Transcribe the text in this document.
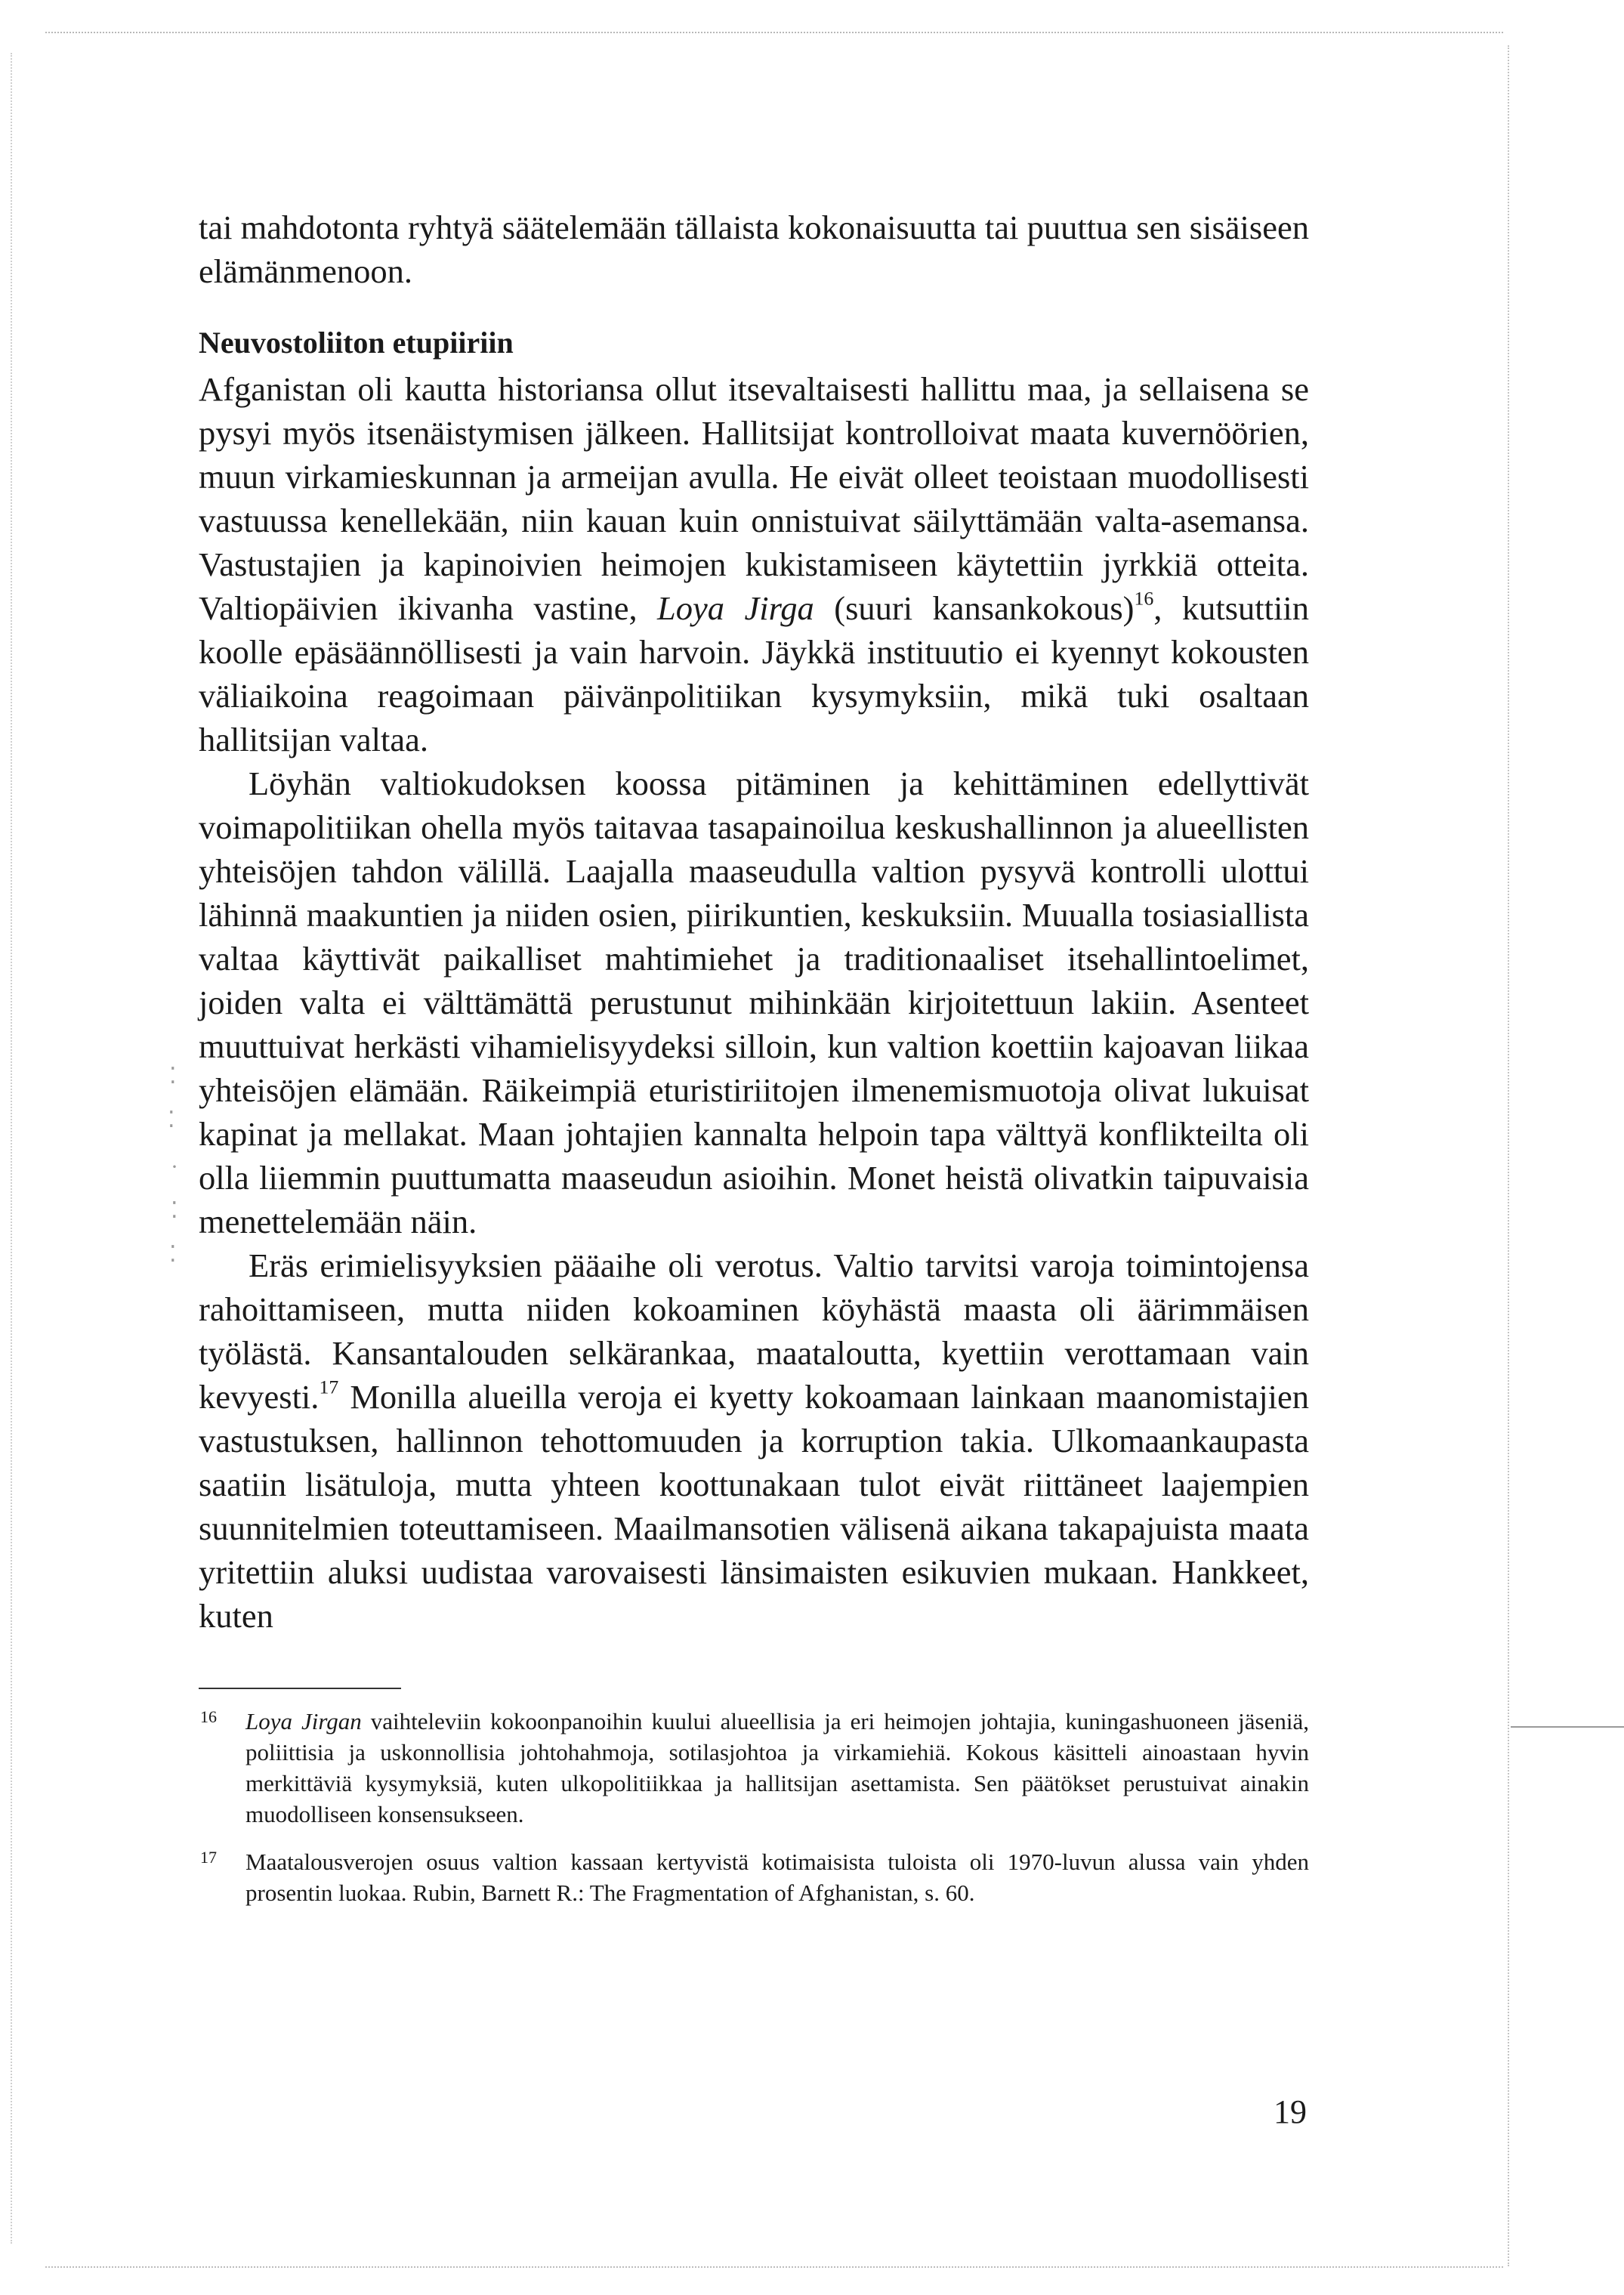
⁚
⁚
·
⁚
⁚

tai mahdotonta ryhtyä säätelemään tällaista kokonaisuutta tai puuttua sen sisäiseen elämänmenoon.

Neuvostoliiton etupiiriin

Afganistan oli kautta historiansa ollut itsevaltaisesti hallittu maa, ja sellaisena se pysyi myös itsenäistymisen jälkeen. Hallitsijat kontrolloivat maata kuvernöörien, muun virkamieskunnan ja armeijan avulla. He eivät olleet teoistaan muodollisesti vastuussa kenellekään, niin kauan kuin onnistuivat säilyttämään valta-asemansa. Vastustajien ja kapinoivien heimojen kukistamiseen käytettiin jyrkkiä otteita. Valtiopäivien ikivanha vastine, Loya Jirga (suuri kansankokous)$^{16}$, kutsuttiin koolle epäsäännöllisesti ja vain harvoin. Jäykkä instituutio ei kyennyt kokousten väliaikoina reagoimaan päivänpolitiikan kysymyksiin, mikä tuki osaltaan hallitsijan valtaa.

Löyhän valtiokudoksen koossa pitäminen ja kehittäminen edellyttivät voimapolitiikan ohella myös taitavaa tasapainoilua keskushallinnon ja alueellisten yhteisöjen tahdon välillä. Laajalla maaseudulla valtion pysyvä kontrolli ulottui lähinnä maakuntien ja niiden osien, piirikuntien, keskuksiin. Muualla tosiasiallista valtaa käyttivät paikalliset mahtimiehet ja traditionaaliset itsehallintoelimet, joiden valta ei välttämättä perustunut mihinkään kirjoitettuun lakiin. Asenteet muuttuivat herkästi vihamielisyydeksi silloin, kun valtion koettiin kajoavan liikaa yhteisöjen elämään. Räikeimpiä eturistiriitojen ilmenemismuotoja olivat lukuisat kapinat ja mellakat. Maan johtajien kannalta helpoin tapa välttyä konflikteilta oli olla liiemmin puuttumatta maaseudun asioihin. Monet heistä olivatkin taipuvaisia menettelemään näin.

Eräs erimielisyyksien pääaihe oli verotus. Valtio tarvitsi varoja toimintojensa rahoittamiseen, mutta niiden kokoaminen köyhästä maasta oli äärimmäisen työlästä. Kansantalouden selkärankaa, maataloutta, kyettiin verottamaan vain kevyesti.$^{17}$ Monilla alueilla veroja ei kyetty kokoamaan lainkaan maanomistajien vastustuksen, hallinnon tehottomuuden ja korruption takia. Ulkomaankaupasta saatiin lisätuloja, mutta yhteen koottunakaan tulot eivät riittäneet laajempien suunnitelmien toteuttamiseen. Maailmansotien välisenä aikana takapajuista maata yritettiin aluksi uudistaa varovaisesti länsimaisten esikuvien mukaan. Hankkeet, kuten

16 Loya Jirgan vaihteleviin kokoonpanoihin kuului alueellisia ja eri heimojen johtajia, kuningashuoneen jäseniä, poliittisia ja uskonnollisia johtohahmoja, sotilasjohtoa ja virkamiehiä. Kokous käsitteli ainoastaan hyvin merkittäviä kysymyksiä, kuten ulkopolitiikkaa ja hallitsijan asettamista. Sen päätökset perustuivat ainakin muodolliseen konsensukseen.
17 Maatalousverojen osuus valtion kassaan kertyvistä kotimaisista tuloista oli 1970-luvun alussa vain yhden prosentin luokaa. Rubin, Barnett R.: The Fragmentation of Afghanistan, s. 60.
19
